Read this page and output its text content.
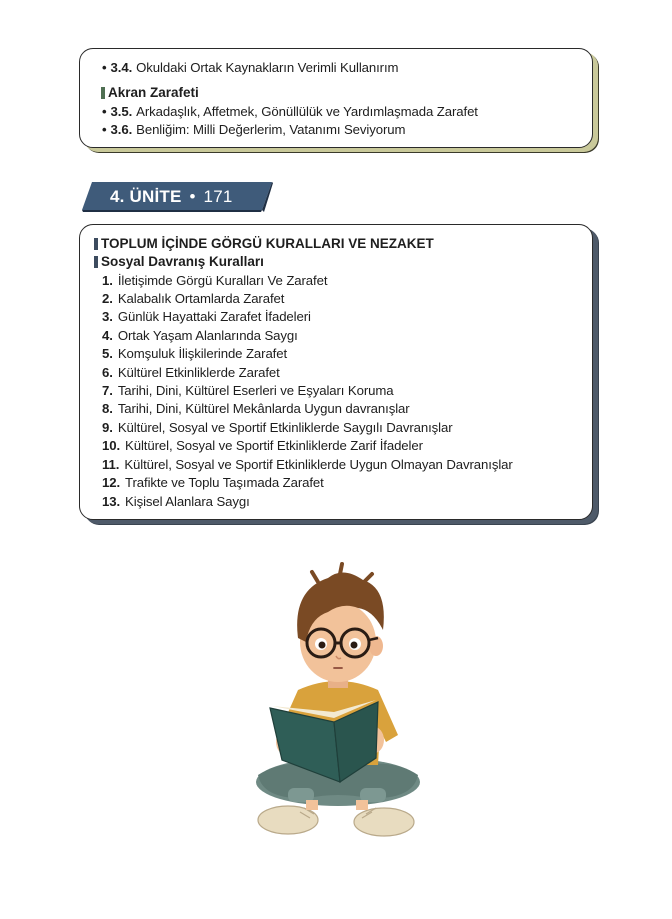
• 3.4. Okuldaki Ortak Kaynakların Verimli Kullanırım
Akran Zarafeti
• 3.5. Arkadaşlık, Affetmek, Gönüllülük ve Yardımlaşmada Zarafet
• 3.6. Benliğim: Milli Değerlerim, Vatanımı Seviyorum
4. ÜNİTE • 171
TOPLUM İÇİNDE GÖRGÜ KURALLARI VE NEZAKET
Sosyal Davranış Kuralları
1. İletişimde Görgü Kuralları Ve Zarafet
2. Kalabalık Ortamlarda Zarafet
3. Günlük Hayattaki Zarafet İfadeleri
4. Ortak Yaşam Alanlarında Saygı
5. Komşuluk İlişkilerinde Zarafet
6. Kültürel Etkinliklerde Zarafet
7. Tarihi, Dini, Kültürel Eserleri ve Eşyaları Koruma
8. Tarihi, Dini, Kültürel Mekânlarda Uygun davranışlar
9. Kültürel, Sosyal ve Sportif Etkinliklerde Saygılı Davranışlar
10. Kültürel, Sosyal ve Sportif Etkinliklerde Zarif İfadeler
11. Kültürel, Sosyal ve Sportif Etkinliklerde Uygun Olmayan Davranışlar
12. Trafikte ve Toplu Taşımada Zarafet
13. Kişisel Alanlara Saygı
